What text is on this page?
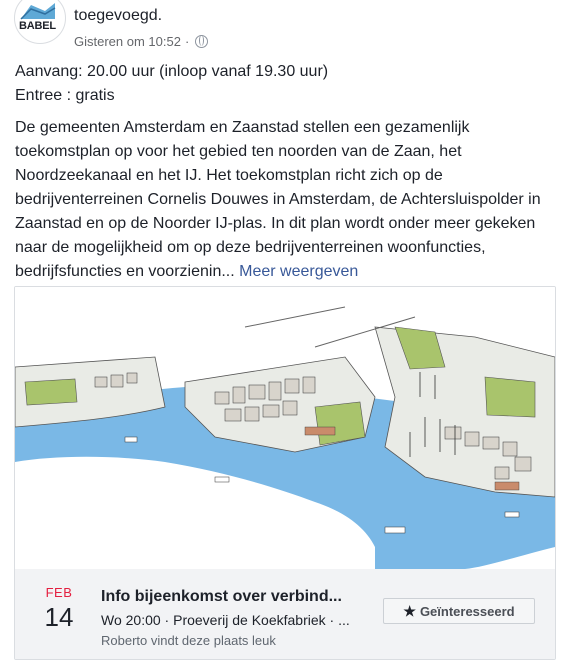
BABEL
toegevoegd.
Gisteren om 10:52 ·
Aanvang: 20.00 uur (inloop vanaf 19.30 uur)
Entree : gratis
De gemeenten Amsterdam en Zaanstad stellen een gezamenlijk toekomstplan op voor het gebied ten noorden van de Zaan, het Noordzeekanaal en het IJ. Het toekomstplan richt zich op de bedrijventerreinen Cornelis Douwes in Amsterdam, de Achtersluispolder in Zaanstad en op de Noorder IJ-plas. In dit plan wordt onder meer gekeken naar de mogelijkheid om op deze bedrijventerreinen woonfuncties, bedrijfsfuncties en voorzienin... Meer weergeven
FEB
14
Info bijeenkomst over verbind...
Wo 20:00 · Proeverij de Koekfabriek · ...
Roberto vindt deze plaats leuk
★ Geïnteresseerd
